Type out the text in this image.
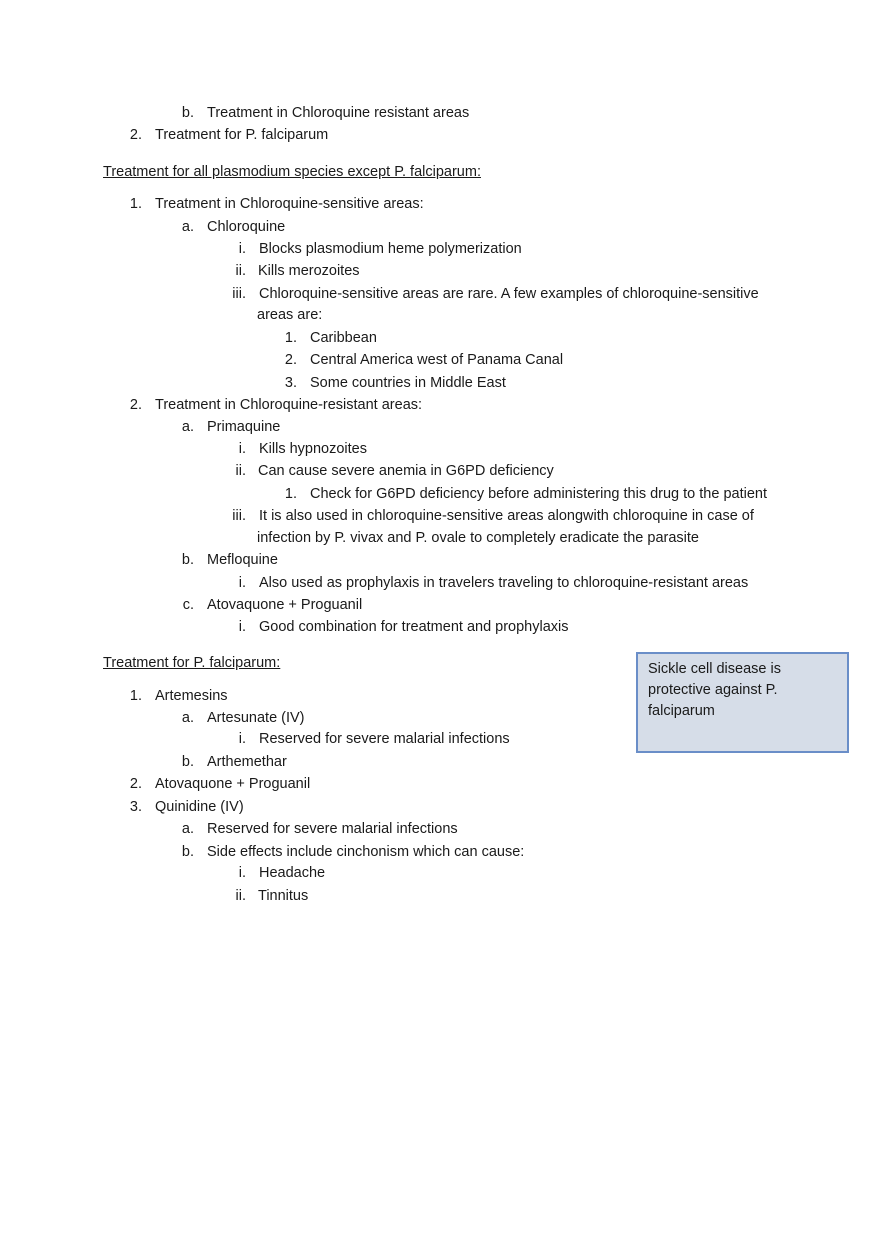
b. Treatment in Chloroquine resistant areas
2. Treatment for P. falciparum
Treatment for all plasmodium species except P. falciparum:
1. Treatment in Chloroquine-sensitive areas:
a. Chloroquine
i. Blocks plasmodium heme polymerization
ii. Kills merozoites
iii. Chloroquine-sensitive areas are rare. A few examples of chloroquine-sensitive
areas are:
1. Caribbean
2. Central America west of Panama Canal
3. Some countries in Middle East
2. Treatment in Chloroquine-resistant areas:
a. Primaquine
i. Kills hypnozoites
ii. Can cause severe anemia in G6PD deficiency
1. Check for G6PD deficiency before administering this drug to the patient
iii. It is also used in chloroquine-sensitive areas alongwith chloroquine in case of
infection by P. vivax and P. ovale to completely eradicate the parasite
b. Mefloquine
i. Also used as prophylaxis in travelers traveling to chloroquine-resistant areas
c. Atovaquone + Proguanil
i. Good combination for treatment and prophylaxis
Treatment for P. falciparum:
1. Artemesins
a. Artesunate (IV)
i. Reserved for severe malarial infections
b. Arthemethar
2. Atovaquone + Proguanil
3. Quinidine (IV)
a. Reserved for severe malarial infections
b. Side effects include cinchonism which can cause:
i. Headache
ii. Tinnitus
Sickle cell disease is protective against P. falciparum
